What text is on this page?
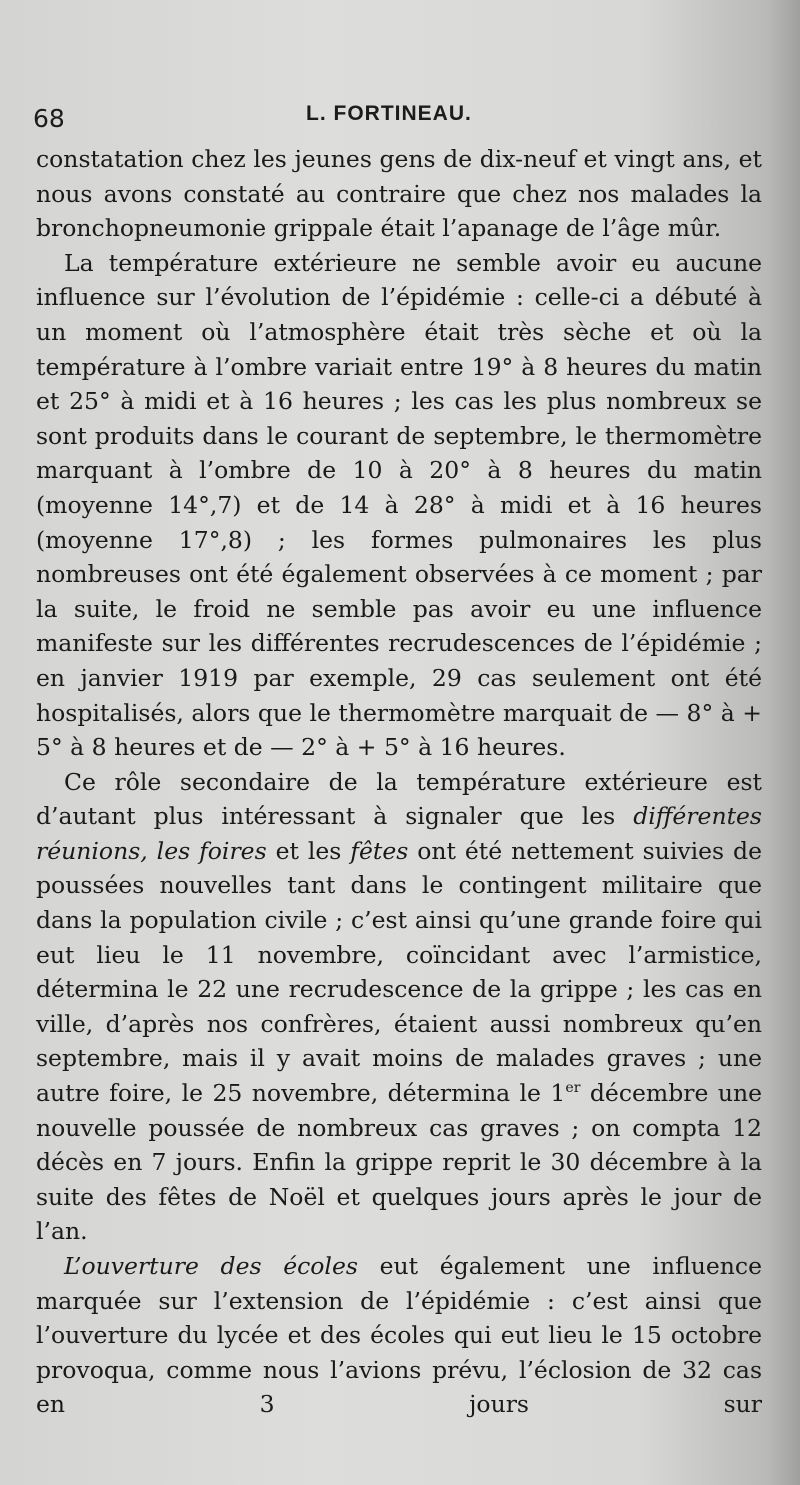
68	L. FORTINEAU.

constatation chez les jeunes gens de dix-neuf et vingt ans, et nous avons constaté au contraire que chez nos malades la bronchopneumonie grippale était l’apanage de l’âge mûr.

La température extérieure ne semble avoir eu aucune influence sur l’évolution de l’épidémie : celle-ci a débuté à un moment où l’atmosphère était très sèche et où la température à l’ombre variait entre 19° à 8 heures du matin et 25° à midi et à 16 heures ; les cas les plus nombreux se sont produits dans le courant de septembre, le thermomètre marquant à l’ombre de 10 à 20° à 8 heures du matin (moyenne 14°,7) et de 14 à 28° à midi et à 16 heures (moyenne 17°,8) ; les formes pulmonaires les plus nombreuses ont été également observées à ce moment ; par la suite, le froid ne semble pas avoir eu une influence manifeste sur les différentes recrudescences de l’épidémie ; en janvier 1919 par exemple, 29 cas seulement ont été hospitalisés, alors que le thermomètre marquait de — 8° à + 5° à 8 heures et de — 2° à + 5° à 16 heures.

Ce rôle secondaire de la température extérieure est d’autant plus intéressant à signaler que les différentes réunions, les foires et les fêtes ont été nettement suivies de poussées nouvelles tant dans le contingent militaire que dans la population civile ; c’est ainsi qu’une grande foire qui eut lieu le 11 novembre, coïncidant avec l’armistice, détermina le 22 une recrudescence de la grippe ; les cas en ville, d’après nos confrères, étaient aussi nombreux qu’en septembre, mais il y avait moins de malades graves ; une autre foire, le 25 novembre, détermina le 1er décembre une nouvelle poussée de nombreux cas graves ; on compta 12 décès en 7 jours. Enfin la grippe reprit le 30 décembre à la suite des fêtes de Noël et quelques jours après le jour de l’an.

L’ouverture des écoles eut également une influence marquée sur l’extension de l’épidémie : c’est ainsi que l’ouverture du lycée et des écoles qui eut lieu le 15 octobre provoqua, comme nous l’avions prévu, l’éclosion de 32 cas en 3 jours sur
